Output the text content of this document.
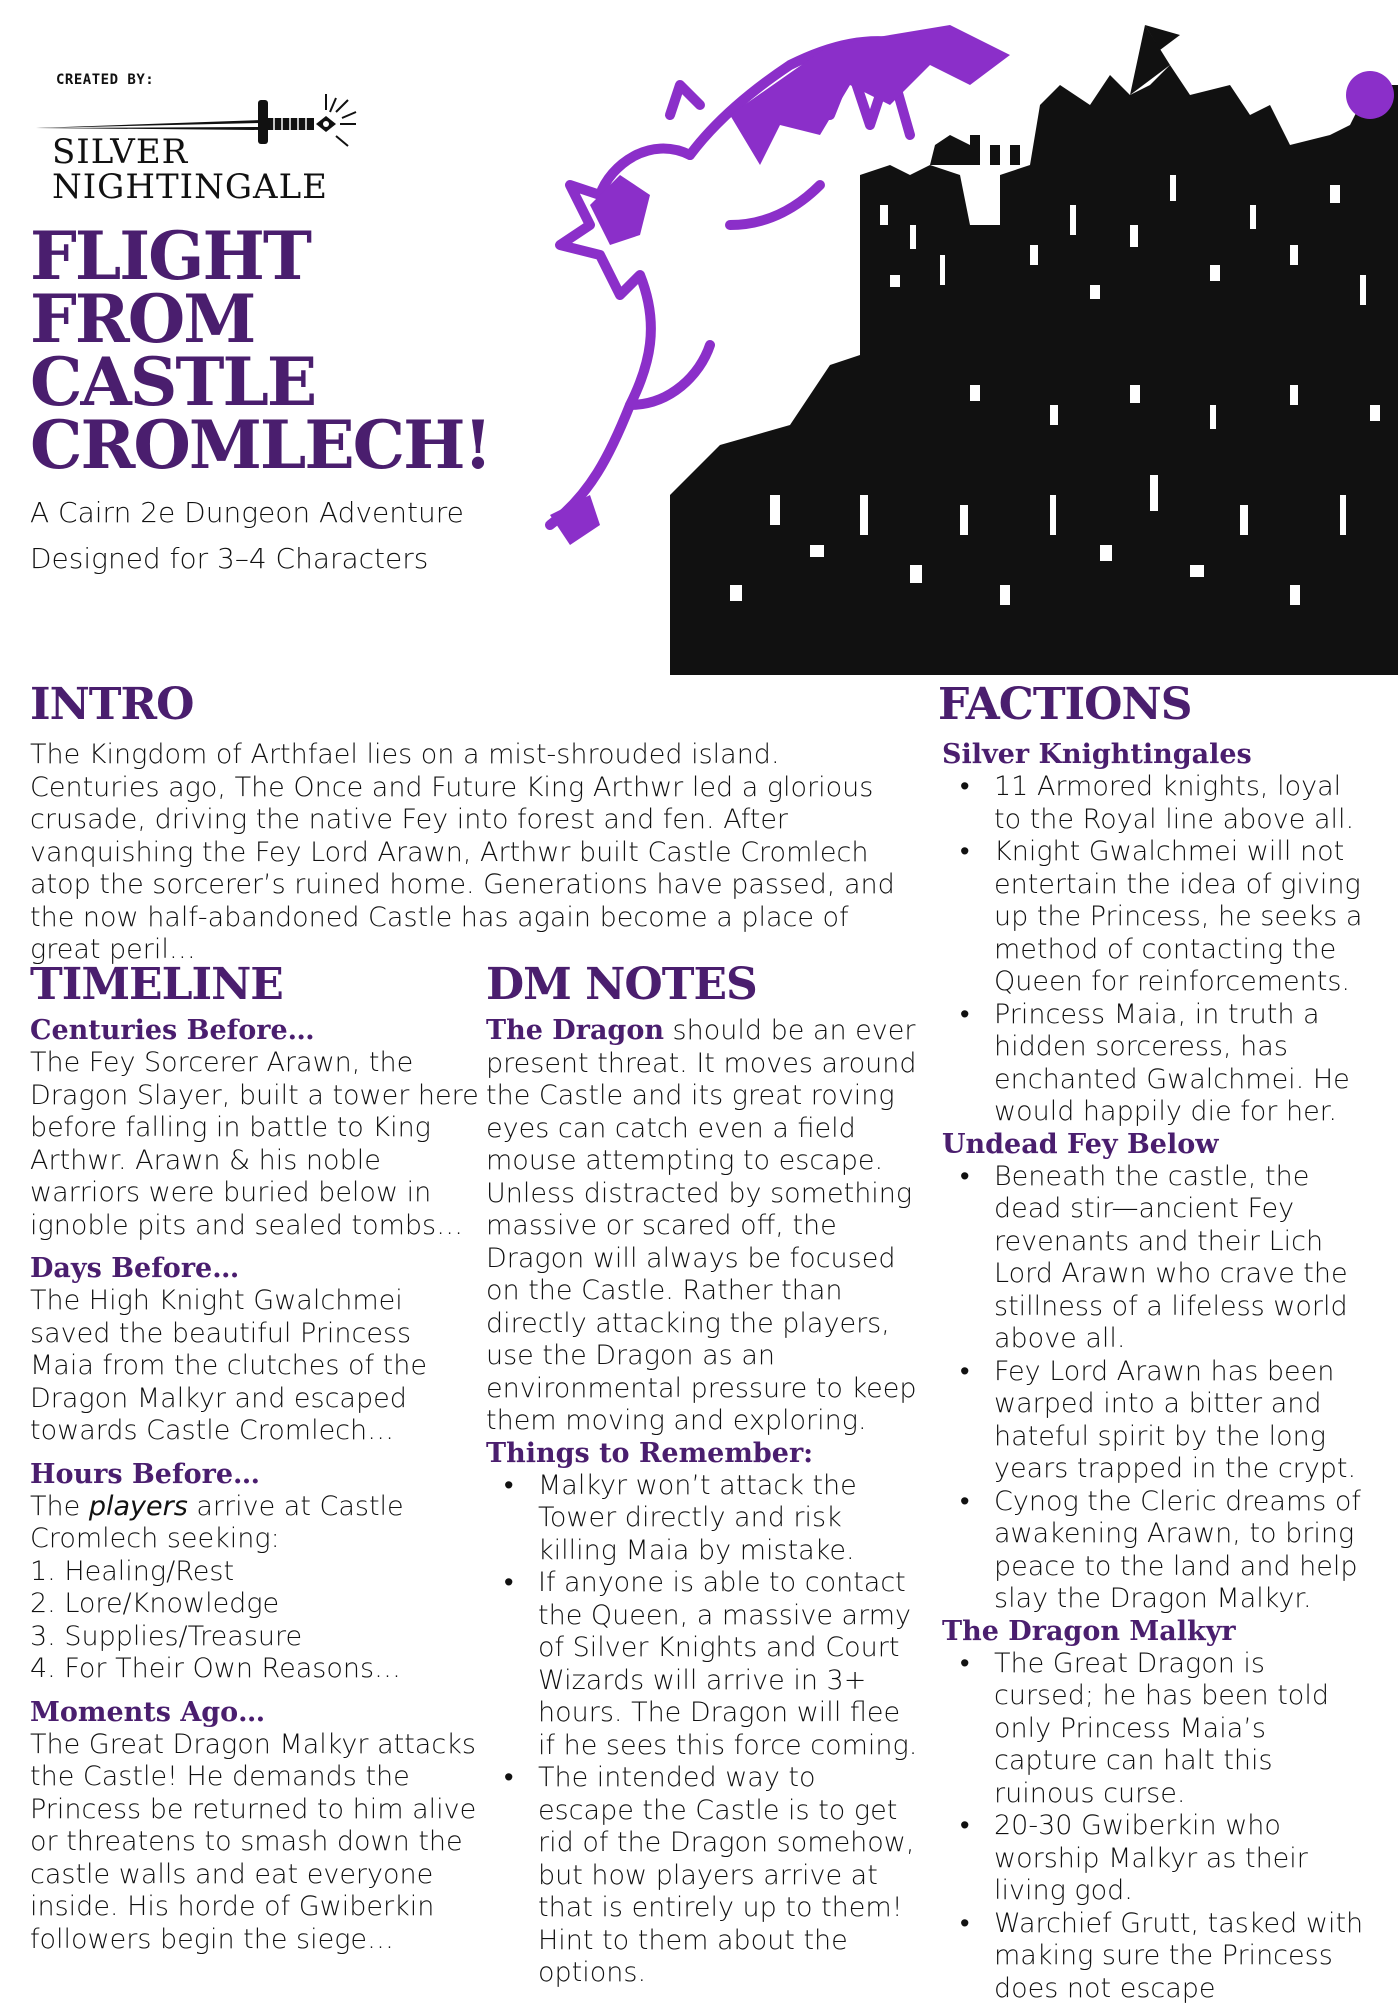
CREATED BY:
SILVER
NIGHTINGALE
FLIGHT
FROM
CASTLE
CROMLECH!
A Cairn 2e Dungeon Adventure
Designed for 3–4 Characters
INTRO

The Kingdom of Arthfael lies on a mist-shrouded island. Centuries ago, The Once and Future King Arthwr led a glorious crusade, driving the native Fey into forest and fen. After vanquishing the Fey Lord Arawn, Arthwr built Castle Cromlech atop the sorcerer’s ruined home. Generations have passed, and the now half-abandoned Castle has again become a place of great peril…

TIMELINE
Centuries Before…

The Fey Sorcerer Arawn, the Dragon Slayer, built a tower here before falling in battle to King Arthwr. Arawn & his noble warriors were buried below in ignoble pits and sealed tombs…

Days Before…

The High Knight Gwalchmei saved the beautiful Princess Maia from the clutches of the Dragon Malkyr and escaped towards Castle Cromlech…

Hours Before…

The players arrive at Castle Cromlech seeking:

1. Healing/Rest
2. Lore/Knowledge
3. Supplies/Treasure
4. For Their Own Reasons…
Moments Ago…

The Great Dragon Malkyr attacks the Castle! He demands the Princess be returned to him alive or threatens to smash down the castle walls and eat everyone inside. His horde of Gwiberkin followers begin the siege…

DM NOTES

The Dragon should be an ever present threat. It moves around the Castle and its great roving eyes can catch even a field mouse attempting to escape. Unless distracted by something massive or scared off, the Dragon will always be focused on the Castle. Rather than directly attacking the players, use the Dragon as an environmental pressure to keep them moving and exploring.

Things to Remember:
• Malkyr won’t attack the Tower directly and risk killing Maia by mistake.
• If anyone is able to contact the Queen, a massive army of Silver Knights and Court Wizards will arrive in 3+ hours. The Dragon will flee if he sees this force coming.
• The intended way to escape the Castle is to get rid of the Dragon somehow, but how players arrive at that is entirely up to them! Hint to them about the options.
FACTIONS
Silver Knightingales
• 11 Armored knights, loyal to the Royal line above all.
• Knight Gwalchmei will not entertain the idea of giving up the Princess, he seeks a method of contacting the Queen for reinforcements.
• Princess Maia, in truth a hidden sorceress, has enchanted Gwalchmei. He would happily die for her.
Undead Fey Below
• Beneath the castle, the dead stir—ancient Fey revenants and their Lich Lord Arawn who crave the stillness of a lifeless world above all.
• Fey Lord Arawn has been warped into a bitter and hateful spirit by the long years trapped in the crypt.
• Cynog the Cleric dreams of awakening Arawn, to bring peace to the land and help slay the Dragon Malkyr.
The Dragon Malkyr
• The Great Dragon is cursed; he has been told only Princess Maia’s capture can halt this ruinous curse.
• 20-30 Gwiberkin who worship Malkyr as their living god.
• Warchief Grutt, tasked with making sure the Princess does not escape
